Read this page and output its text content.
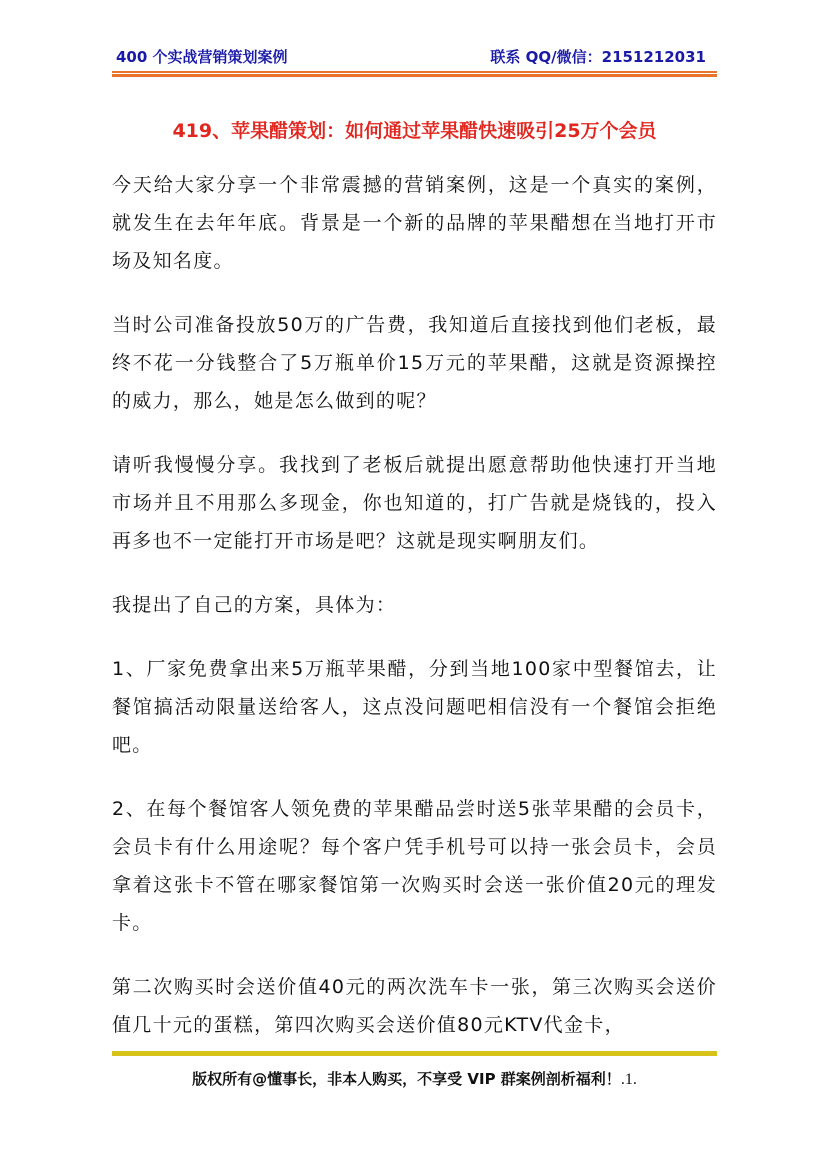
400 个实战营销策划案例	联系 QQ/微信：2151212031
419、苹果醋策划：如何通过苹果醋快速吸引25万个会员

今天给大家分享一个非常震撼的营销案例，这是一个真实的案例，就发生在去年年底。背景是一个新的品牌的苹果醋想在当地打开市场及知名度。

当时公司准备投放50万的广告费，我知道后直接找到他们老板，最终不花一分钱整合了5万瓶单价15万元的苹果醋，这就是资源操控的威力，那么，她是怎么做到的呢？

请听我慢慢分享。我找到了老板后就提出愿意帮助他快速打开当地市场并且不用那么多现金，你也知道的，打广告就是烧钱的，投入再多也不一定能打开市场是吧？这就是现实啊朋友们。

我提出了自己的方案，具体为：

1、厂家免费拿出来5万瓶苹果醋，分到当地100家中型餐馆去，让餐馆搞活动限量送给客人，这点没问题吧相信没有一个餐馆会拒绝吧。

2、在每个餐馆客人领免费的苹果醋品尝时送5张苹果醋的会员卡，会员卡有什么用途呢？每个客户凭手机号可以持一张会员卡，会员拿着这张卡不管在哪家餐馆第一次购买时会送一张价值20元的理发卡。

第二次购买时会送价值40元的两次洗车卡一张，第三次购买会送价值几十元的蛋糕，第四次购买会送价值80元KTV代金卡，

版权所有@懂事长，非本人购买，不享受 VIP 群案例剖析福利！.1.
